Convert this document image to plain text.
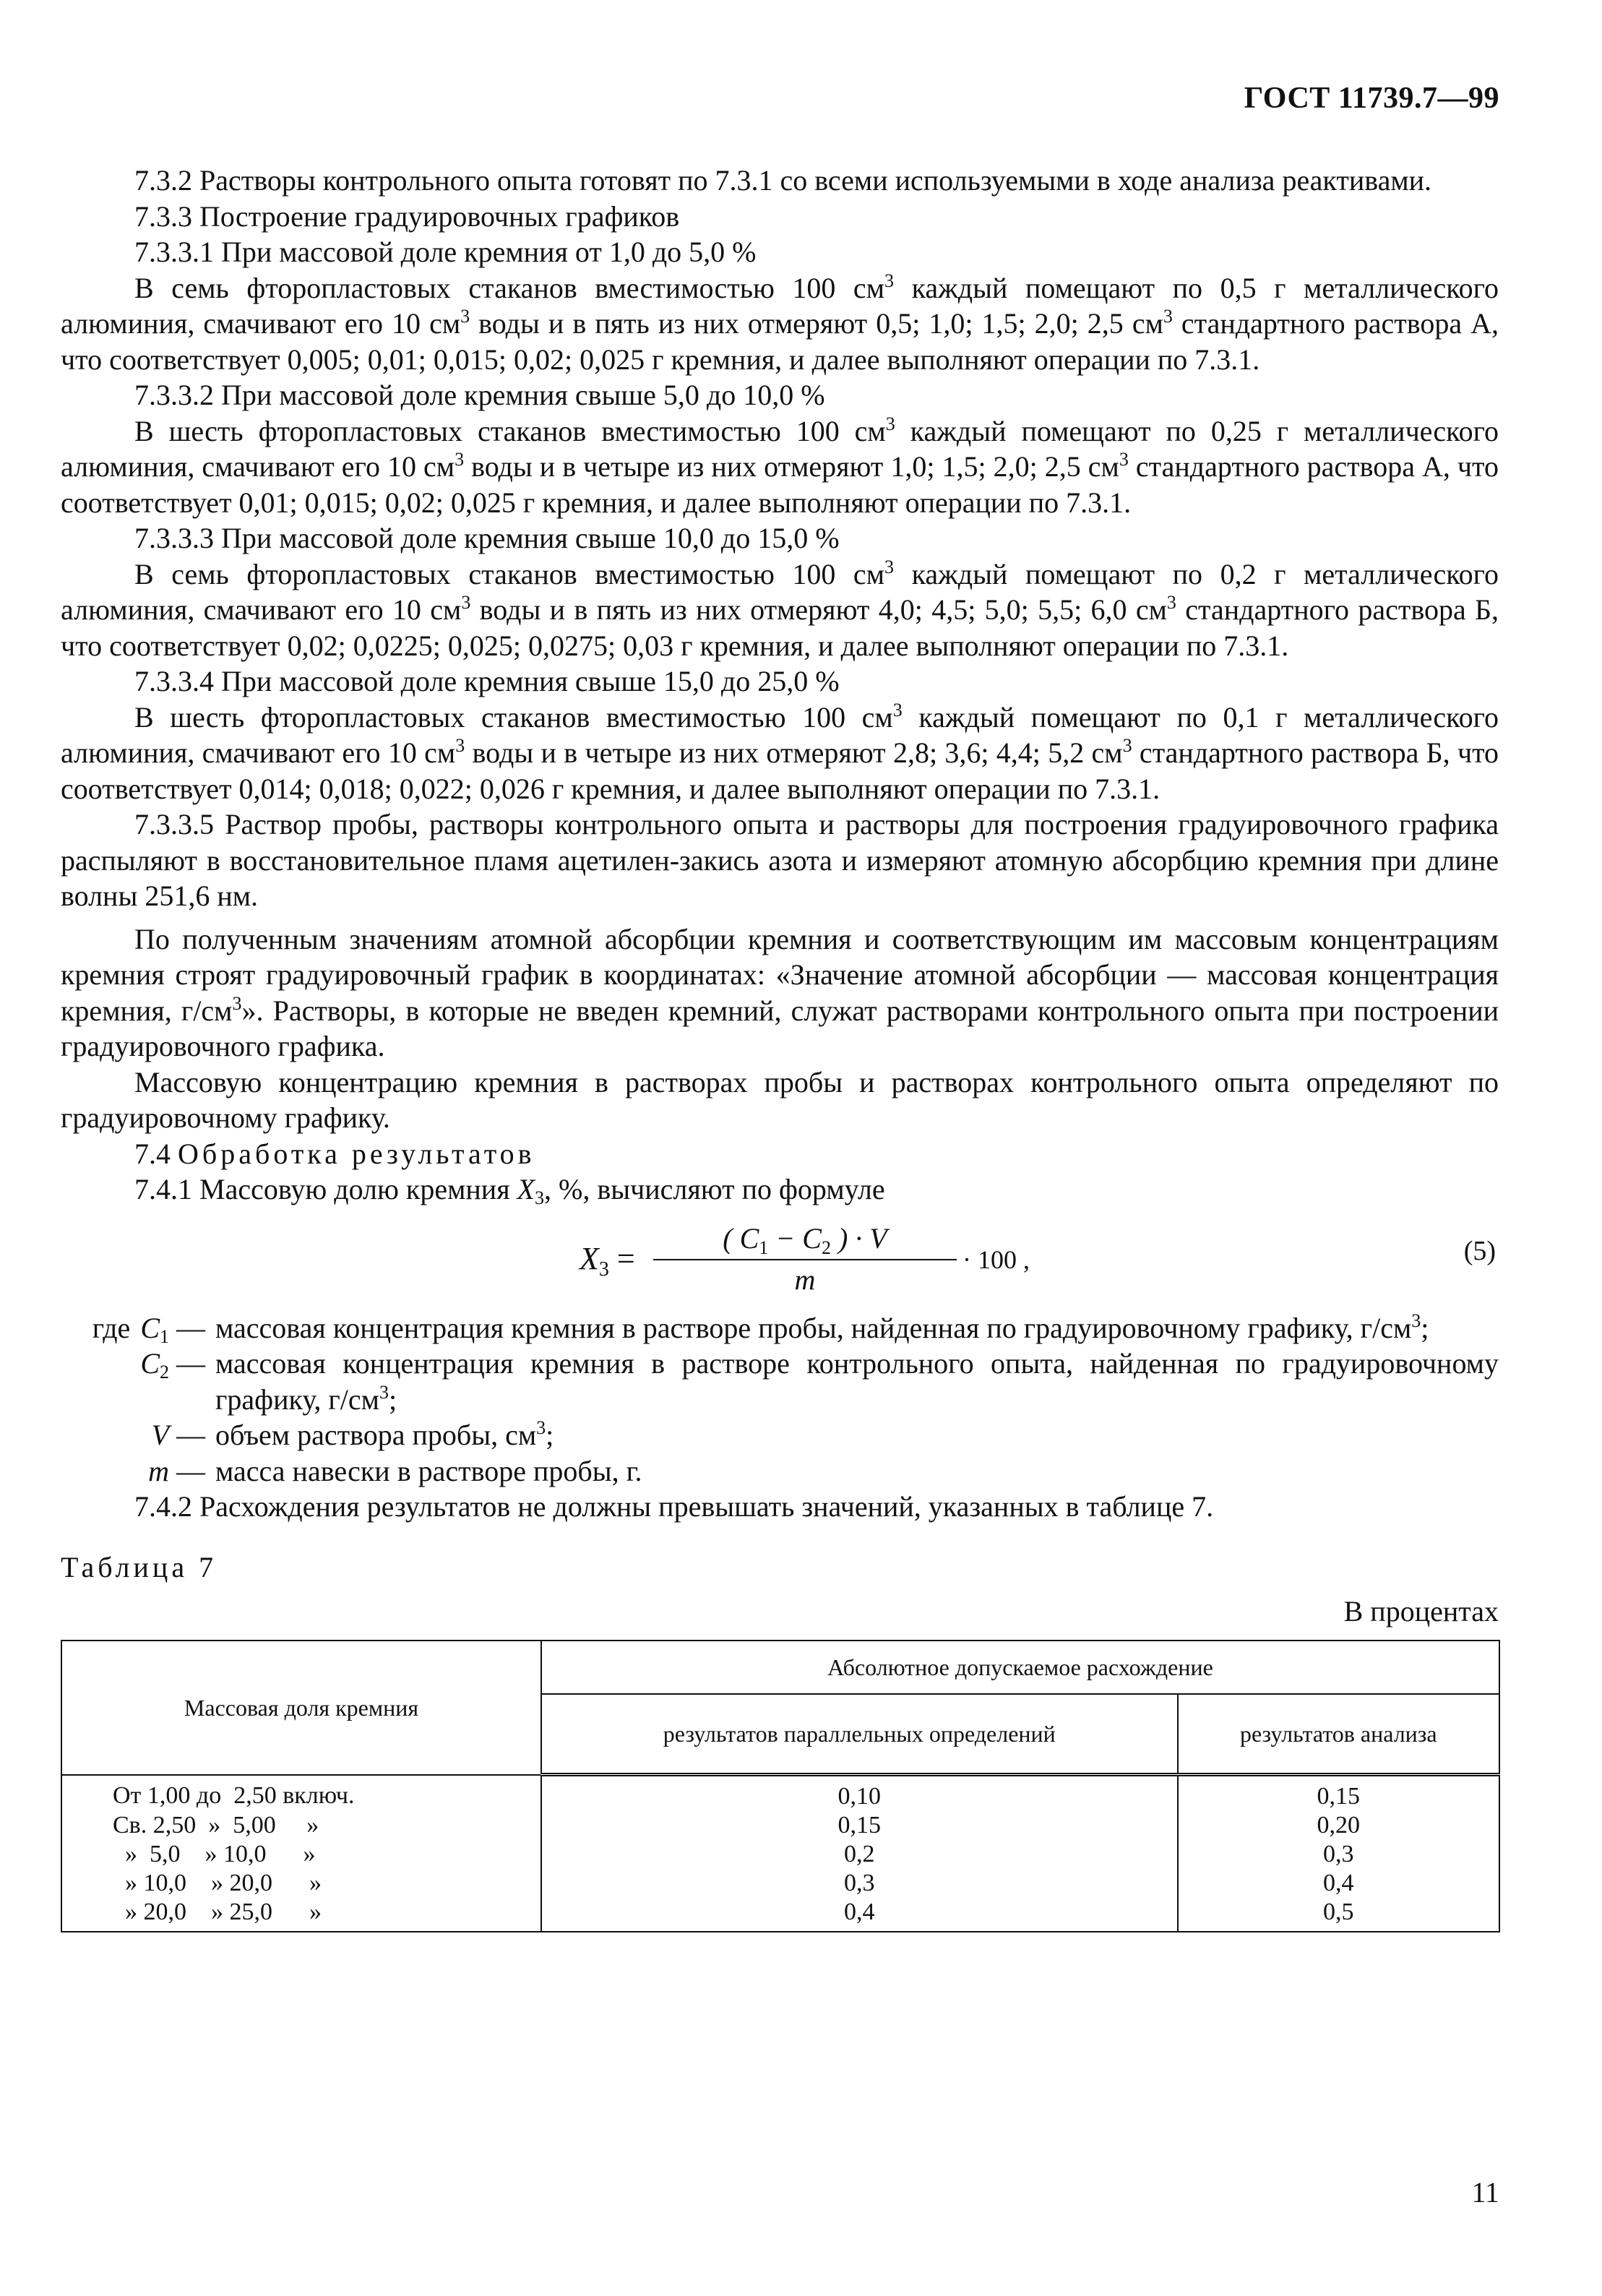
ГОСТ 11739.7—99

7.3.2 Растворы контрольного опыта готовят по 7.3.1 со всеми используемыми в ходе анализа реактивами.

7.3.3 Построение градуировочных графиков

7.3.3.1 При массовой доле кремния от 1,0 до 5,0 %

В семь фторопластовых стаканов вместимостью 100 $см^3$ каждый помещают по 0,5 г металлического алюминия, смачивают его 10 $см^3$ воды и в пять из них отмеряют 0,5; 1,0; 1,5; 2,0; 2,5 $см^3$ стандартного раствора А, что соответствует 0,005; 0,01; 0,015; 0,02; 0,025 г кремния, и далее выполняют операции по 7.3.1.

7.3.3.2 При массовой доле кремния свыше 5,0 до 10,0 %

В шесть фторопластовых стаканов вместимостью 100 $см^3$ каждый помещают по 0,25 г металлического алюминия, смачивают его 10 $см^3$ воды и в четыре из них отмеряют 1,0; 1,5; 2,0; 2,5 $см^3$ стандартного раствора А, что соответствует 0,01; 0,015; 0,02; 0,025 г кремния, и далее выполняют операции по 7.3.1.

7.3.3.3 При массовой доле кремния свыше 10,0 до 15,0 %

В семь фторопластовых стаканов вместимостью 100 $см^3$ каждый помещают по 0,2 г металлического алюминия, смачивают его 10 $см^3$ воды и в пять из них отмеряют 4,0; 4,5; 5,0; 5,5; 6,0 $см^3$ стандартного раствора Б, что соответствует 0,02; 0,0225; 0,025; 0,0275; 0,03 г кремния, и далее выполняют операции по 7.3.1.

7.3.3.4 При массовой доле кремния свыше 15,0 до 25,0 %

В шесть фторопластовых стаканов вместимостью 100 $см^3$ каждый помещают по 0,1 г металлического алюминия, смачивают его 10 $см^3$ воды и в четыре из них отмеряют 2,8; 3,6; 4,4; 5,2 $см^3$ стандартного раствора Б, что соответствует 0,014; 0,018; 0,022; 0,026 г кремния, и далее выполняют операции по 7.3.1.

7.3.3.5 Раствор пробы, растворы контрольного опыта и растворы для построения градуировочного графика распыляют в восстановительное пламя ацетилен-закись азота и измеряют атомную абсорбцию кремния при длине волны 251,6 нм.

По полученным значениям атомной абсорбции кремния и соответствующим им массовым концентрациям кремния строят градуировочный график в координатах: «Значение атомной абсорбции — массовая концентрация кремния, $г/см^3$». Растворы, в которые не введен кремний, служат растворами контрольного опыта при построении градуировочного графика.

Массовую концентрацию кремния в растворах пробы и растворах контрольного опыта определяют по градуировочному графику.

7.4 Обработка результатов

7.4.1 Массовую долю кремния $X_3$, %, вычисляют по формуле

$X_3 = \frac{( C_1 - C_2 ) \cdot V}{m} \cdot 100$ ,	(5)
где $C_1$ —	массовая концентрация кремния в растворе пробы, найденная по градуировочному графику, $г/см^3$;
$C_2$ —	массовая концентрация кремния в растворе контрольного опыта, найденная по градуировочному графику, $г/см^3$;
V —	объем раствора пробы, $см^3$;
m —	масса навески в растворе пробы, г.

7.4.2 Расхождения результатов не должны превышать значений, указанных в таблице 7.

Таблица 7

В процентах

Массовая доля кремния	Абсолютное допускаемое расхождение	
	результатов параллельных определений	результатов анализа
От 1,00 до  2,50 включ.	0,10	0,15
Св. 2,50  »  5,00     »	0,15	0,20
»  5,0    » 10,0      »	0,2	0,3
» 10,0    » 20,0      »	0,3	0,4
» 20,0    » 25,0      »	0,4	0,5
11
